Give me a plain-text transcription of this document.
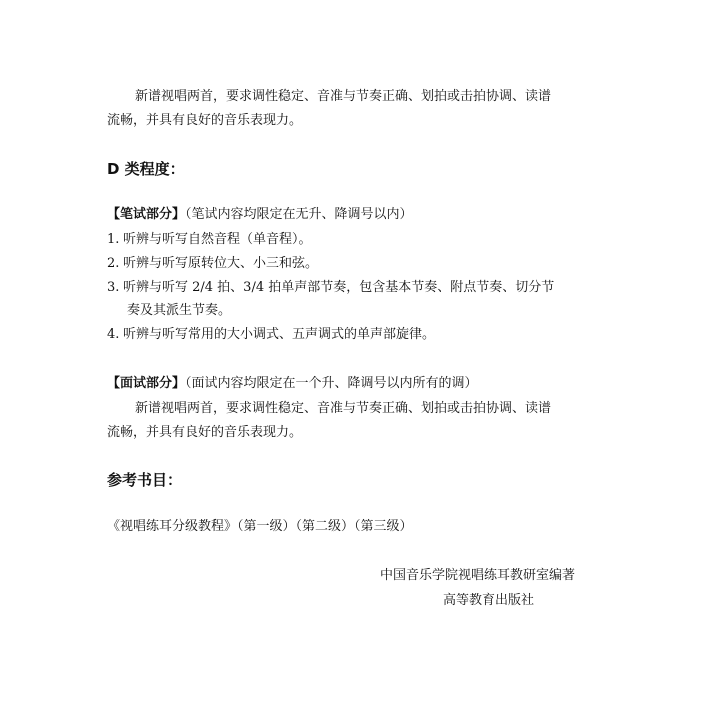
新谱视唱两首，要求调性稳定、音准与节奏正确、划拍或击拍协调、读谱
流畅，并具有良好的音乐表现力。
D 类程度：
【笔试部分】（笔试内容均限定在无升、降调号以内）
1. 听辨与听写自然音程（单音程）。
2. 听辨与听写原转位大、小三和弦。
3. 听辨与听写 2/4 拍、3/4 拍单声部节奏，包含基本节奏、附点节奏、切分节
奏及其派生节奏。
4. 听辨与听写常用的大小调式、五声调式的单声部旋律。
【面试部分】（面试内容均限定在一个升、降调号以内所有的调）
新谱视唱两首，要求调性稳定、音准与节奏正确、划拍或击拍协调、读谱
流畅，并具有良好的音乐表现力。
参考书目：
《视唱练耳分级教程》（第一级）（第二级）（第三级）
中国音乐学院视唱练耳教研室编著
高等教育出版社
